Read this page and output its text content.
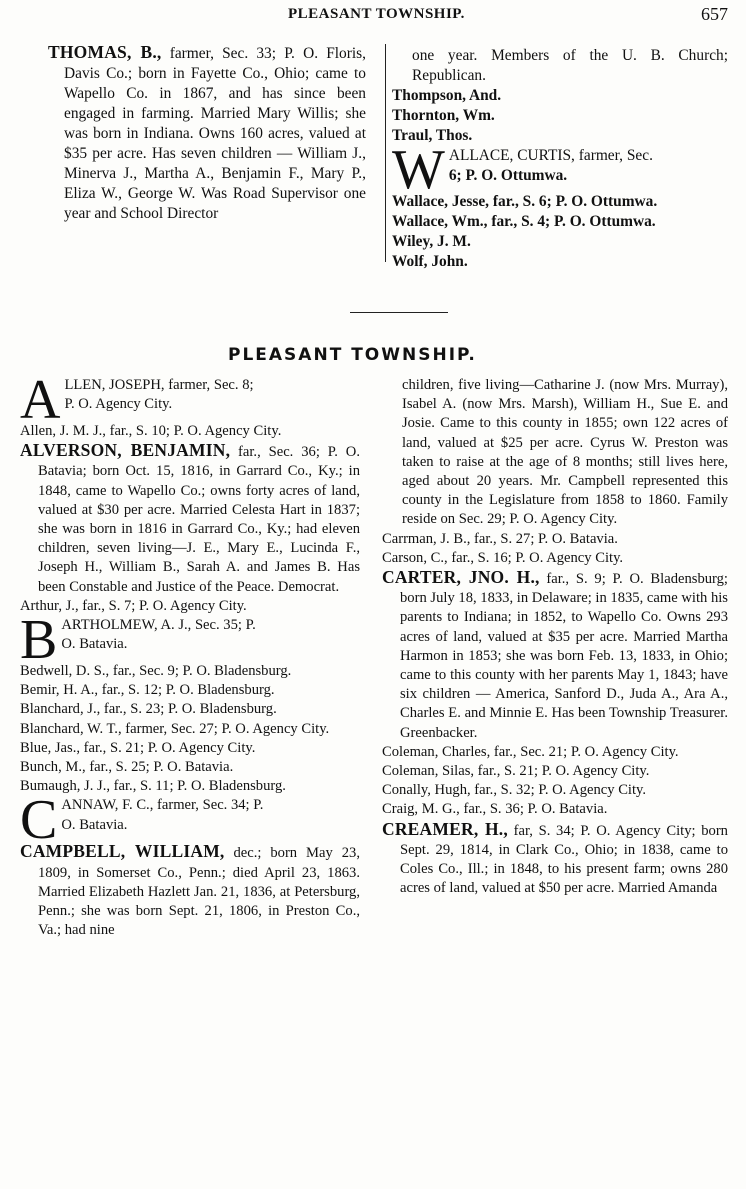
PLEASANT TOWNSHIP.	657

THOMAS, B., farmer, Sec. 33; P. O. Floris, Davis Co.; born in Fayette Co., Ohio; came to Wapello Co. in 1867, and has since been engaged in farming. Married Mary Willis; she was born in Indiana. Owns 160 acres, valued at $35 per acre. Has seven children — William J., Minerva J., Martha A., Benjamin F., Mary P., Eliza W., George W. Was Road Supervisor one year and School Director

one year. Members of the U. B. Church; Republican.

Thompson, And.

Thornton, Wm.

Traul, Thos.

W ALLACE, CURTIS, farmer, Sec.

6; P. O. Ottumwa.

Wallace, Jesse, far., S. 6; P. O. Ottumwa.

Wallace, Wm., far., S. 4; P. O. Ottumwa.

Wiley, J. M.

Wolf, John.

PLEASANT TOWNSHIP.
A LLEN, JOSEPH, farmer, Sec. 8;

P. O. Agency City.

Allen, J. M. J., far., S. 10; P. O. Agency City.

ALVERSON, BENJAMIN, far., Sec. 36; P. O. Batavia; born Oct. 15, 1816, in Garrard Co., Ky.; in 1848, came to Wapello Co.; owns forty acres of land, valued at $30 per acre. Married Celesta Hart in 1837; she was born in 1816 in Garrard Co., Ky.; had eleven children, seven living—J. E., Mary E., Lucinda F., Joseph H., William B., Sarah A. and James B. Has been Constable and Justice of the Peace. Democrat.

Arthur, J., far., S. 7; P. O. Agency City.

B ARTHOLMEW, A. J., Sec. 35; P.

O. Batavia.

Bedwell, D. S., far., Sec. 9; P. O. Bladensburg.

Bemir, H. A., far., S. 12; P. O. Bladensburg.

Blanchard, J., far., S. 23; P. O. Bladensburg.

Blanchard, W. T., farmer, Sec. 27; P. O. Agency City.

Blue, Jas., far., S. 21; P. O. Agency City.

Bunch, M., far., S. 25; P. O. Batavia.

Bumaugh, J. J., far., S. 11; P. O. Bladensburg.

C ANNAW, F. C., farmer, Sec. 34; P.

O. Batavia.

CAMPBELL, WILLIAM, dec.; born May 23, 1809, in Somerset Co., Penn.; died April 23, 1863. Married Elizabeth Hazlett Jan. 21, 1836, at Petersburg, Penn.; she was born Sept. 21, 1806, in Preston Co., Va.; had nine

children, five living—Catharine J. (now Mrs. Murray), Isabel A. (now Mrs. Marsh), William H., Sue E. and Josie. Came to this county in 1855; own 122 acres of land, valued at $25 per acre. Cyrus W. Preston was taken to raise at the age of 8 months; still lives here, aged about 20 years. Mr. Campbell represented this county in the Legislature from 1858 to 1860. Family reside on Sec. 29; P. O. Agency City.

Carrman, J. B., far., S. 27; P. O. Batavia.

Carson, C., far., S. 16; P. O. Agency City.

CARTER, JNO. H., far., S. 9; P. O. Bladensburg; born July 18, 1833, in Delaware; in 1835, came with his parents to Indiana; in 1852, to Wapello Co. Owns 293 acres of land, valued at $35 per acre. Married Martha Harmon in 1853; she was born Feb. 13, 1833, in Ohio; came to this county with her parents May 1, 1843; have six children — America, Sanford D., Juda A., Ara A., Charles E. and Minnie E. Has been Township Treasurer. Greenbacker.

Coleman, Charles, far., Sec. 21; P. O. Agency City.

Coleman, Silas, far., S. 21; P. O. Agency City.

Conally, Hugh, far., S. 32; P. O. Agency City.

Craig, M. G., far., S. 36; P. O. Batavia.

CREAMER, H., far, S. 34; P. O. Agency City; born Sept. 29, 1814, in Clark Co., Ohio; in 1838, came to Coles Co., Ill.; in 1848, to his present farm; owns 280 acres of land, valued at $50 per acre. Married Amanda
